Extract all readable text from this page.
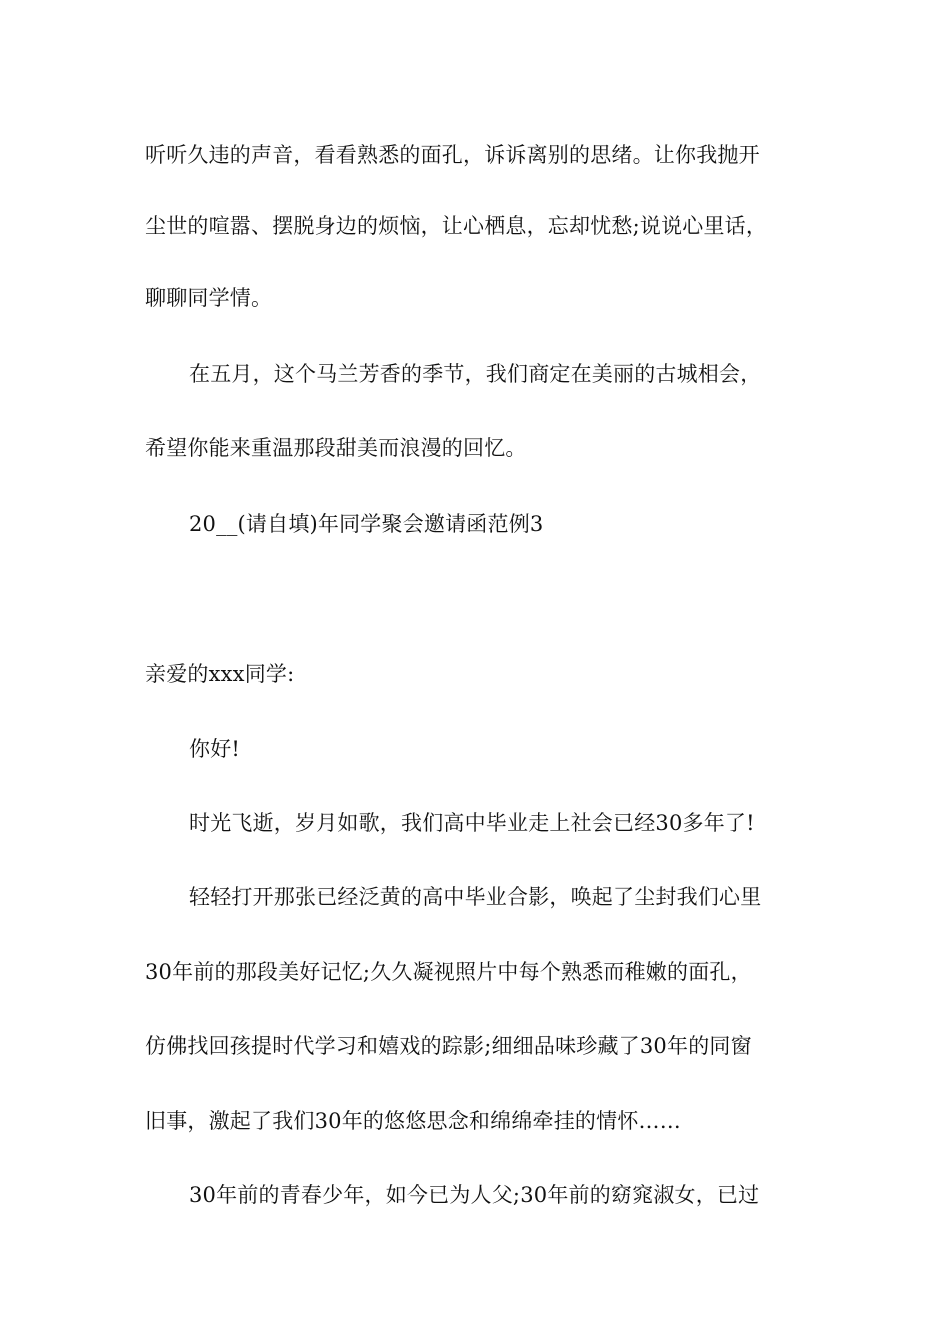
听听久违的声音，看看熟悉的面孔，诉诉离别的思绪。让你我抛开
尘世的喧嚣、摆脱身边的烦恼，让心栖息，忘却忧愁;说说心里话，
聊聊同学情。
在五月，这个马兰芳香的季节，我们商定在美丽的古城相会，
希望你能来重温那段甜美而浪漫的回忆。
20__(请自填)年同学聚会邀请函范例3
亲爱的xxx同学:
你好!
时光飞逝，岁月如歌，我们高中毕业走上社会已经30多年了!
轻轻打开那张已经泛黄的高中毕业合影，唤起了尘封我们心里
30年前的那段美好记忆;久久凝视照片中每个熟悉而稚嫩的面孔，
仿佛找回孩提时代学习和嬉戏的踪影;细细品味珍藏了30年的同窗
旧事，激起了我们30年的悠悠思念和绵绵牵挂的情怀……
30年前的青春少年，如今已为人父;30年前的窈窕淑女，已过
